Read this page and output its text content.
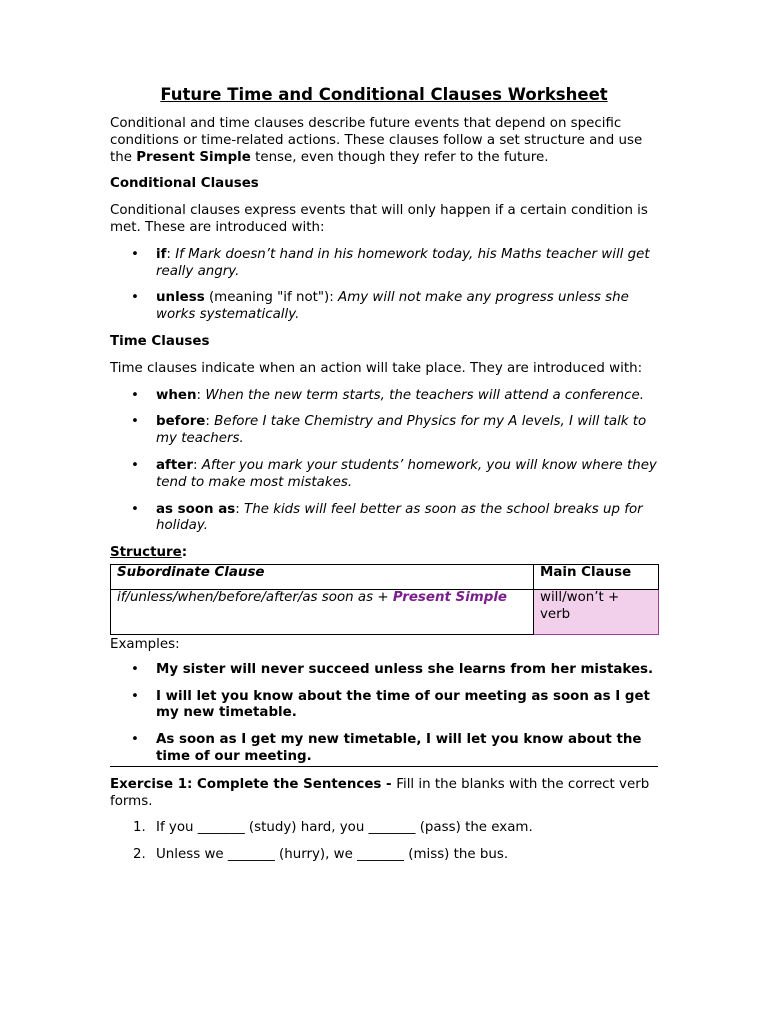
Future Time and Conditional Clauses Worksheet

Conditional and time clauses describe future events that depend on specific conditions or time-related actions. These clauses follow a set structure and use the Present Simple tense, even though they refer to the future.

Conditional Clauses

Conditional clauses express events that will only happen if a certain condition is met. These are introduced with:

• if: If Mark doesn’t hand in his homework today, his Maths teacher will get really angry.
• unless (meaning "if not"): Amy will not make any progress unless she works systematically.
Time Clauses

Time clauses indicate when an action will take place. They are introduced with:

• when: When the new term starts, the teachers will attend a conference.
• before: Before I take Chemistry and Physics for my A levels, I will talk to my teachers.
• after: After you mark your students’ homework, you will know where they tend to make most mistakes.
• as soon as: The kids will feel better as soon as the school breaks up for holiday.
Structure:
Subordinate Clause	Main Clause
if/unless/when/before/after/as soon as + Present Simple	will/won’t + verb
Examples:
• My sister will never succeed unless she learns from her mistakes.
• I will let you know about the time of our meeting as soon as I get my new timetable.
• As soon as I get my new timetable, I will let you know about the time of our meeting.

Exercise 1: Complete the Sentences - Fill in the blanks with the correct verb forms.

1. If you _______ (study) hard, you _______ (pass) the exam.
2. Unless we _______ (hurry), we _______ (miss) the bus.
